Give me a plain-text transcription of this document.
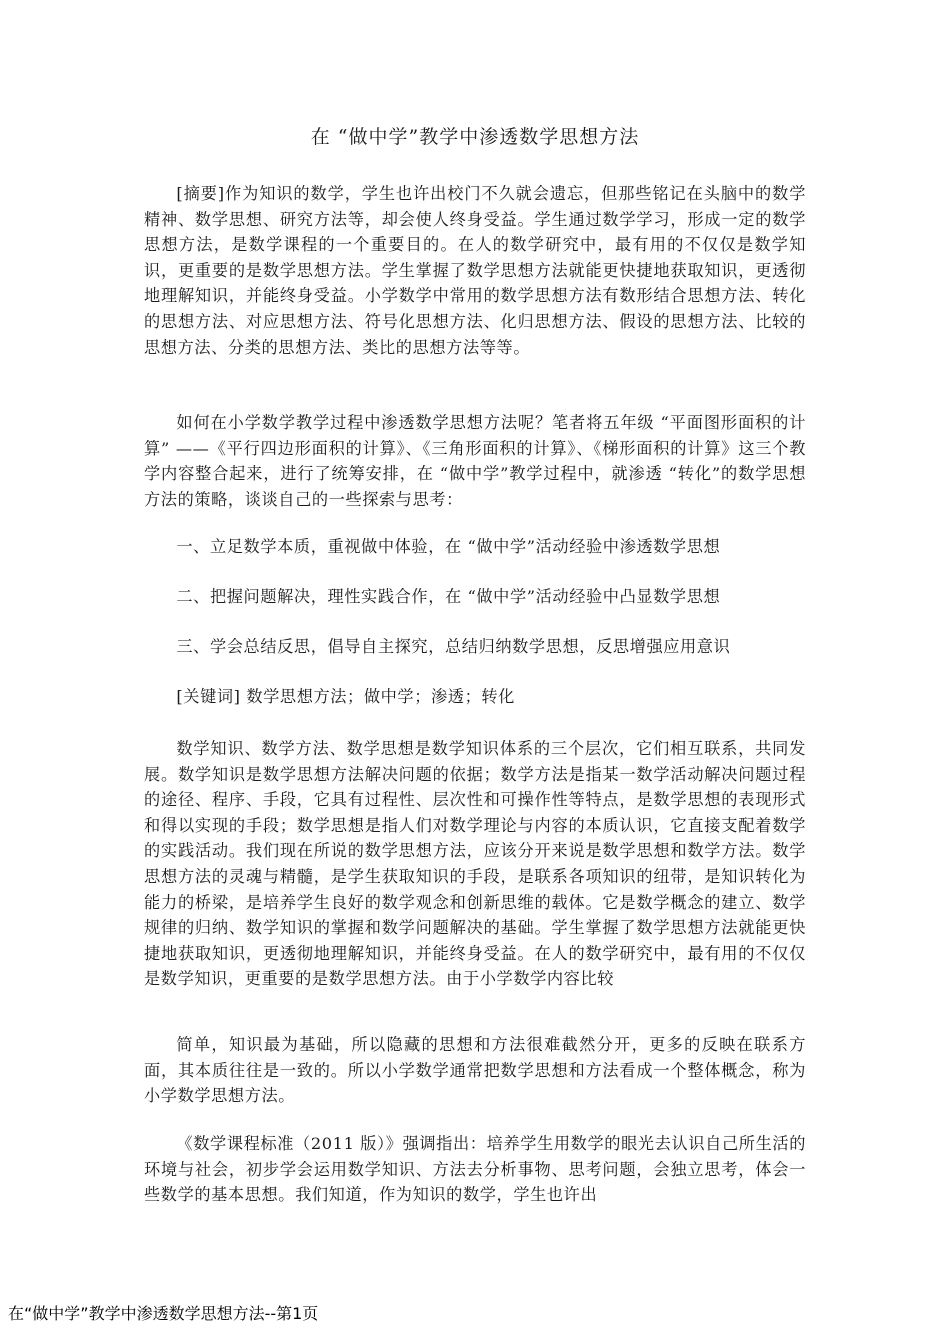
在 “做中学”教学中渗透数学思想方法

[摘要]作为知识的数学，学生也许出校门不久就会遗忘，但那些铭记在头脑中的数学精神、数学思想、研究方法等，却会使人终身受益。学生通过数学学习，形成一定的数学思想方法，是数学课程的一个重要目的。在人的数学研究中，最有用的不仅仅是数学知识，更重要的是数学思想方法。学生掌握了数学思想方法就能更快捷地获取知识，更透彻地理解知识，并能终身受益。小学数学中常用的数学思想方法有数形结合思想方法、转化的思想方法、对应思想方法、符号化思想方法、化归思想方法、假设的思想方法、比较的思想方法、分类的思想方法、类比的思想方法等等。

如何在小学数学教学过程中渗透数学思想方法呢？笔者将五年级 “平面图形面积的计算” ——《平行四边形面积的计算》、《三角形面积的计算》、《梯形面积的计算》这三个教学内容整合起来，进行了统筹安排，在 “做中学”教学过程中，就渗透 “转化”的数学思想方法的策略，谈谈自己的一些探索与思考：

一、立足数学本质，重视做中体验，在 “做中学”活动经验中渗透数学思想

二、把握问题解决，理性实践合作，在 “做中学”活动经验中凸显数学思想

三、学会总结反思，倡导自主探究，总结归纳数学思想，反思增强应用意识

[关键词] 数学思想方法；做中学；渗透；转化

数学知识、数学方法、数学思想是数学知识体系的三个层次，它们相互联系，共同发展。数学知识是数学思想方法解决问题的依据；数学方法是指某一数学活动解决问题过程的途径、程序、手段，它具有过程性、层次性和可操作性等特点，是数学思想的表现形式和得以实现的手段；数学思想是指人们对数学理论与内容的本质认识，它直接支配着数学的实践活动。我们现在所说的数学思想方法，应该分开来说是数学思想和数学方法。数学思想方法的灵魂与精髓，是学生获取知识的手段，是联系各项知识的纽带，是知识转化为能力的桥梁，是培养学生良好的数学观念和创新思维的载体。它是数学概念的建立、数学规律的归纳、数学知识的掌握和数学问题解决的基础。学生掌握了数学思想方法就能更快捷地获取知识，更透彻地理解知识，并能终身受益。在人的数学研究中，最有用的不仅仅是数学知识，更重要的是数学思想方法。由于小学数学内容比较

简单，知识最为基础，所以隐藏的思想和方法很难截然分开，更多的反映在联系方面，其本质往往是一致的。所以小学数学通常把数学思想和方法看成一个整体概念，称为小学数学思想方法。

《数学课程标准（2011 版）》强调指出：培养学生用数学的眼光去认识自己所生活的环境与社会，初步学会运用数学知识、方法去分析事物、思考问题，会独立思考，体会一些数学的基本思想。我们知道，作为知识的数学，学生也许出

在“做中学”教学中渗透数学思想方法--第1页
